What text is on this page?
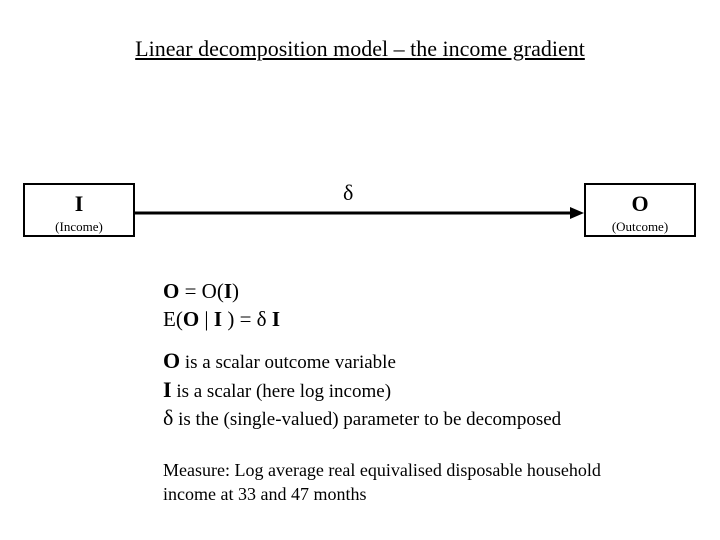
Linear decomposition model – the income gradient
δ
I
(Income)
O
(Outcome)
O = O(I)
E(O | I ) = δ I
O is a scalar outcome variable
I is a scalar (here log income)
δ is the (single-valued) parameter to be decomposed
Measure: Log average real equivalised disposable household
income at 33 and 47 months
